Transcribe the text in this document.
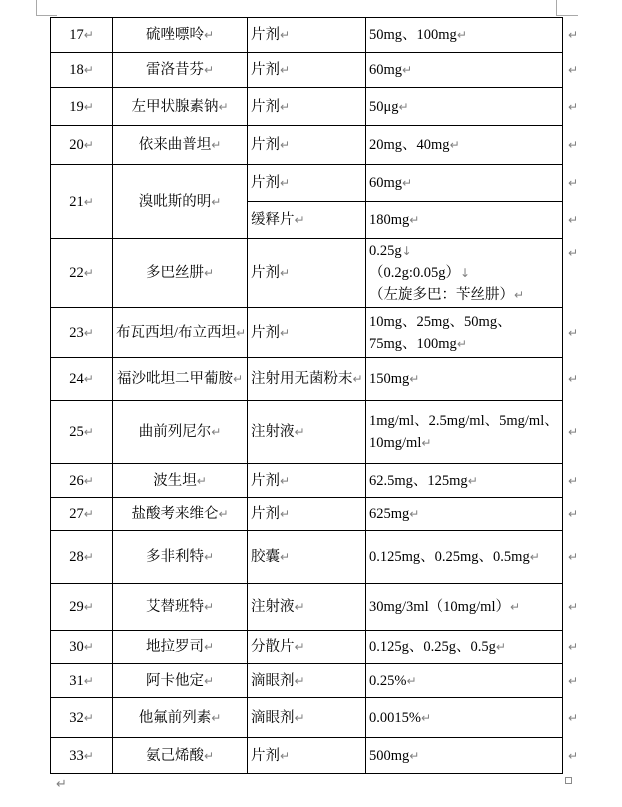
17↵	硫唑嘌呤↵	片剂↵	50mg、100mg↵	↵
18↵	雷洛昔芬↵	片剂↵	60mg↵	↵
19↵	左甲状腺素钠↵	片剂↵	50μg↵	↵
20↵	依来曲普坦↵	片剂↵	20mg、40mg↵	↵
21↵	溴吡斯的明↵	片剂↵	60mg↵	↵
		缓释片↵	180mg↵	↵
22↵	多巴丝肼↵	片剂↵	0.25g↓
（0.2g:0.05g）↓
（左旋多巴：苄丝肼）↵	↵
23↵	布瓦西坦/布立西坦↵	片剂↵	10mg、25mg、50mg、75mg、100mg↵	↵
24↵	福沙吡坦二甲葡胺↵	注射用无菌粉末↵	150mg↵	↵
25↵	曲前列尼尔↵	注射液↵	1mg/ml、2.5mg/ml、5mg/ml、10mg/ml↵	↵
26↵	波生坦↵	片剂↵	62.5mg、125mg↵	↵
27↵	盐酸考来维仑↵	片剂↵	625mg↵	↵
28↵	多非利特↵	胶囊↵	0.125mg、0.25mg、0.5mg↵	↵
29↵	艾替班特↵	注射液↵	30mg/3ml（10mg/ml）↵	↵
30↵	地拉罗司↵	分散片↵	0.125g、0.25g、0.5g↵	↵
31↵	阿卡他定↵	滴眼剂↵	0.25%↵	↵
32↵	他氟前列素↵	滴眼剂↵	0.0015%↵	↵
33↵	氨己烯酸↵	片剂↵	500mg↵	↵
↵
